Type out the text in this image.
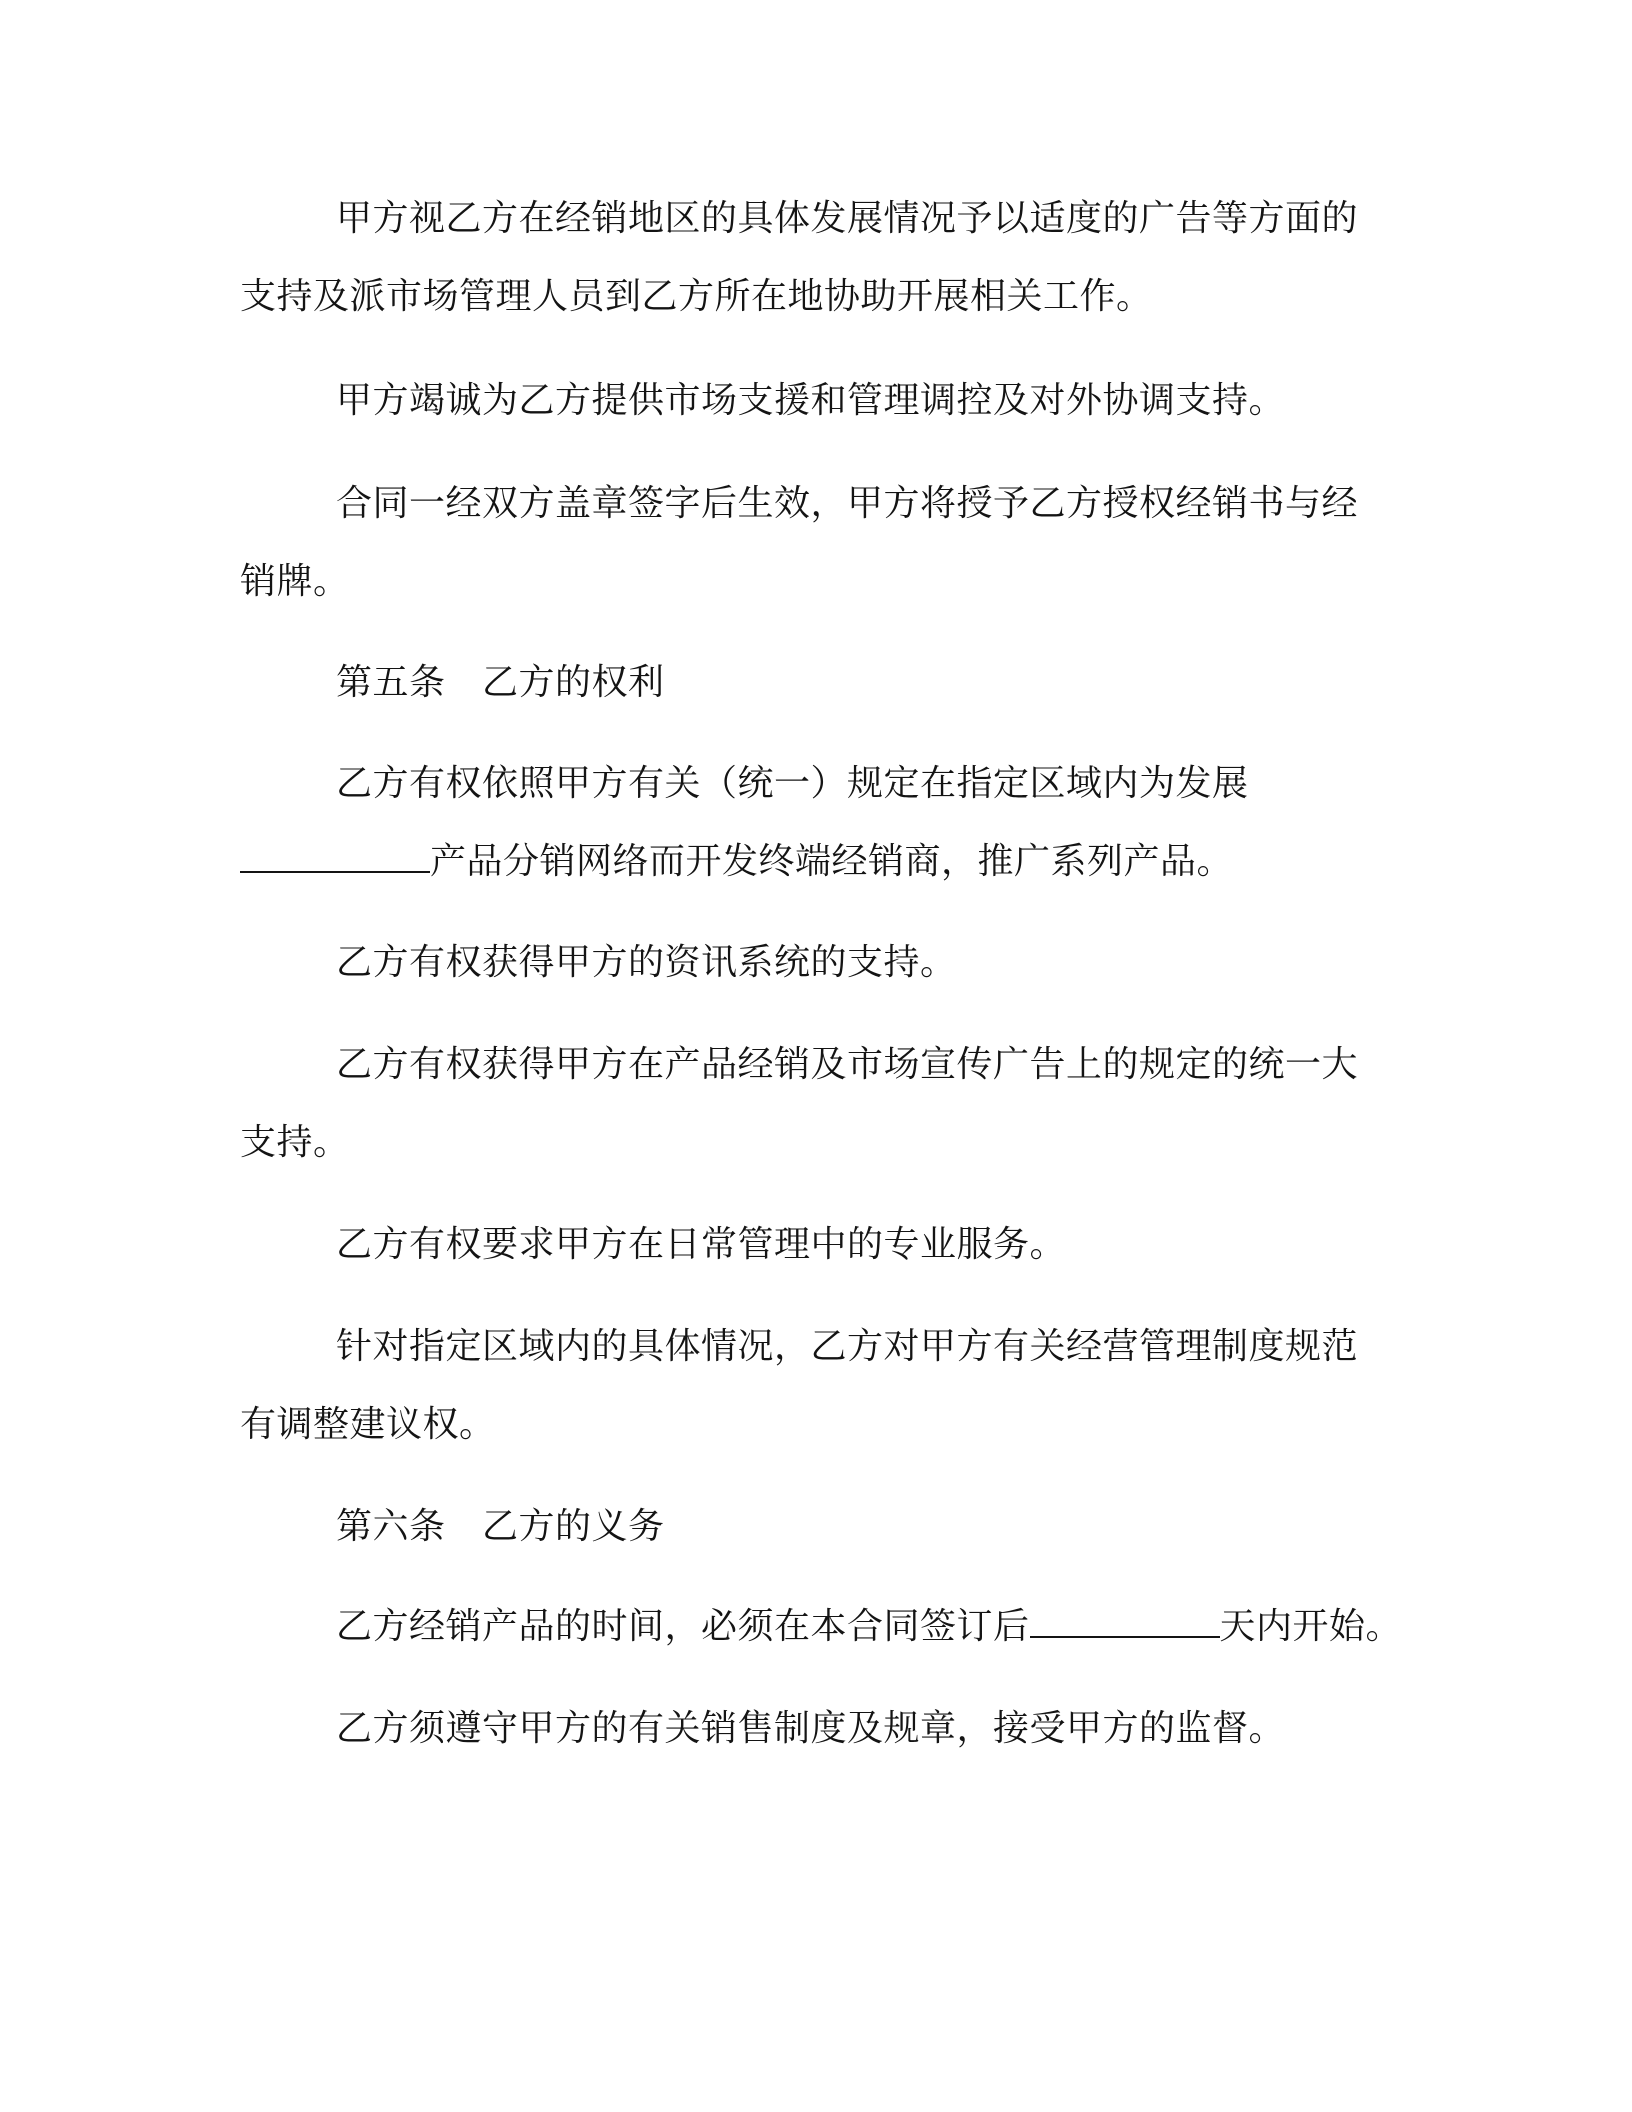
甲方视乙方在经销地区的具体发展情况予以适度的广告等方面的支持及派市场管理人员到乙方所在地协助开展相关工作。
甲方竭诚为乙方提供市场支援和管理调控及对外协调支持。
合同一经双方盖章签字后生效，甲方将授予乙方授权经销书与经销牌。
第五条　乙方的权利
乙方有权依照甲方有关（统一）规定在指定区域内为发展产品分销网络而开发终端经销商，推广系列产品。
乙方有权获得甲方的资讯系统的支持。
乙方有权获得甲方在产品经销及市场宣传广告上的规定的统一大支持。
乙方有权要求甲方在日常管理中的专业服务。
针对指定区域内的具体情况，乙方对甲方有关经营管理制度规范有调整建议权。
第六条　乙方的义务
乙方经销产品的时间，必须在本合同签订后	天内开始。
乙方须遵守甲方的有关销售制度及规章，接受甲方的监督。
